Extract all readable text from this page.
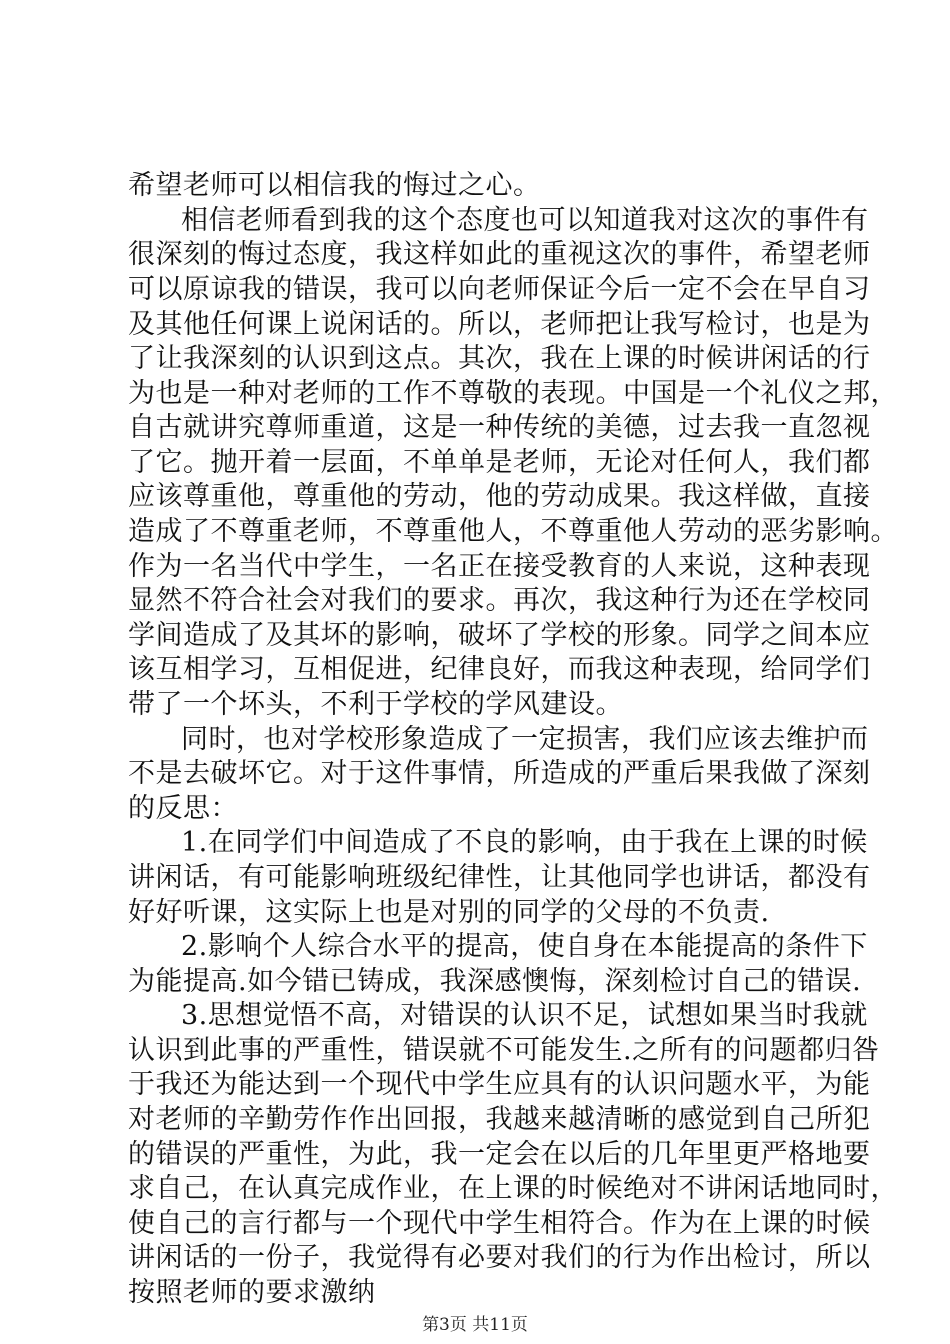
希望老师可以相信我的悔过之心。
相信老师看到我的这个态度也可以知道我对这次的事件有
很深刻的悔过态度，我这样如此的重视这次的事件，希望老师
可以原谅我的错误，我可以向老师保证今后一定不会在早自习
及其他任何课上说闲话的。所以，老师把让我写检讨，也是为
了让我深刻的认识到这点。其次，我在上课的时候讲闲话的行
为也是一种对老师的工作不尊敬的表现。中国是一个礼仪之邦，
自古就讲究尊师重道，这是一种传统的美德，过去我一直忽视
了它。抛开着一层面，不单单是老师，无论对任何人，我们都
应该尊重他，尊重他的劳动，他的劳动成果。我这样做，直接
造成了不尊重老师，不尊重他人，不尊重他人劳动的恶劣影响。
作为一名当代中学生，一名正在接受教育的人来说，这种表现
显然不符合社会对我们的要求。再次，我这种行为还在学校同
学间造成了及其坏的影响，破坏了学校的形象。同学之间本应
该互相学习，互相促进，纪律良好，而我这种表现，给同学们
带了一个坏头，不利于学校的学风建设。
同时，也对学校形象造成了一定损害，我们应该去维护而
不是去破坏它。对于这件事情，所造成的严重后果我做了深刻
的反思：
1.在同学们中间造成了不良的影响，由于我在上课的时候
讲闲话，有可能影响班级纪律性，让其他同学也讲话，都没有
好好听课，这实际上也是对别的同学的父母的不负责.
2.影响个人综合水平的提高，使自身在本能提高的条件下
为能提高.如今错已铸成，我深感懊悔，深刻检讨自己的错误.
3.思想觉悟不高，对错误的认识不足，试想如果当时我就
认识到此事的严重性，错误就不可能发生.之所有的问题都归咎
于我还为能达到一个现代中学生应具有的认识问题水平，为能
对老师的辛勤劳作作出回报，我越来越清晰的感觉到自己所犯
的错误的严重性，为此，我一定会在以后的几年里更严格地要
求自己，在认真完成作业，在上课的时候绝对不讲闲话地同时，
使自己的言行都与一个现代中学生相符合。作为在上课的时候
讲闲话的一份子，我觉得有必要对我们的行为作出检讨，所以
按照老师的要求激纳
第3页 共11页
